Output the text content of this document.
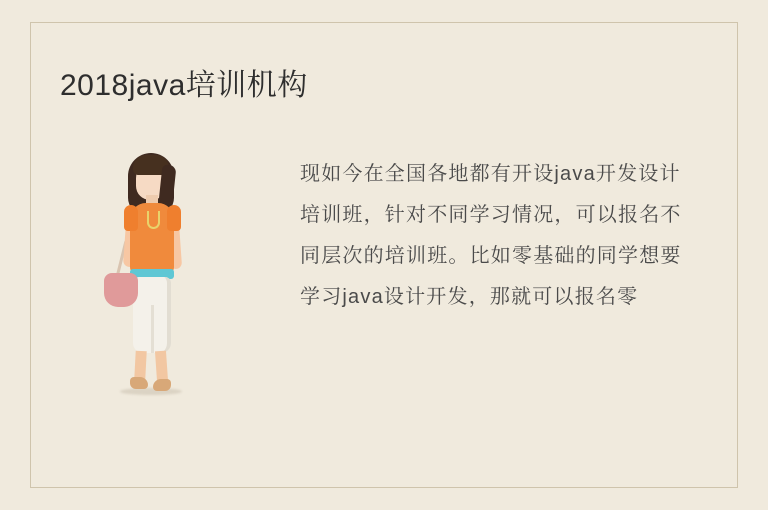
2018java培训机构
现如今在全国各地都有开设java开发设计培训班，针对不同学习情况，可以报名不同层次的培训班。比如零基础的同学想要学习java设计开发，那就可以报名零
